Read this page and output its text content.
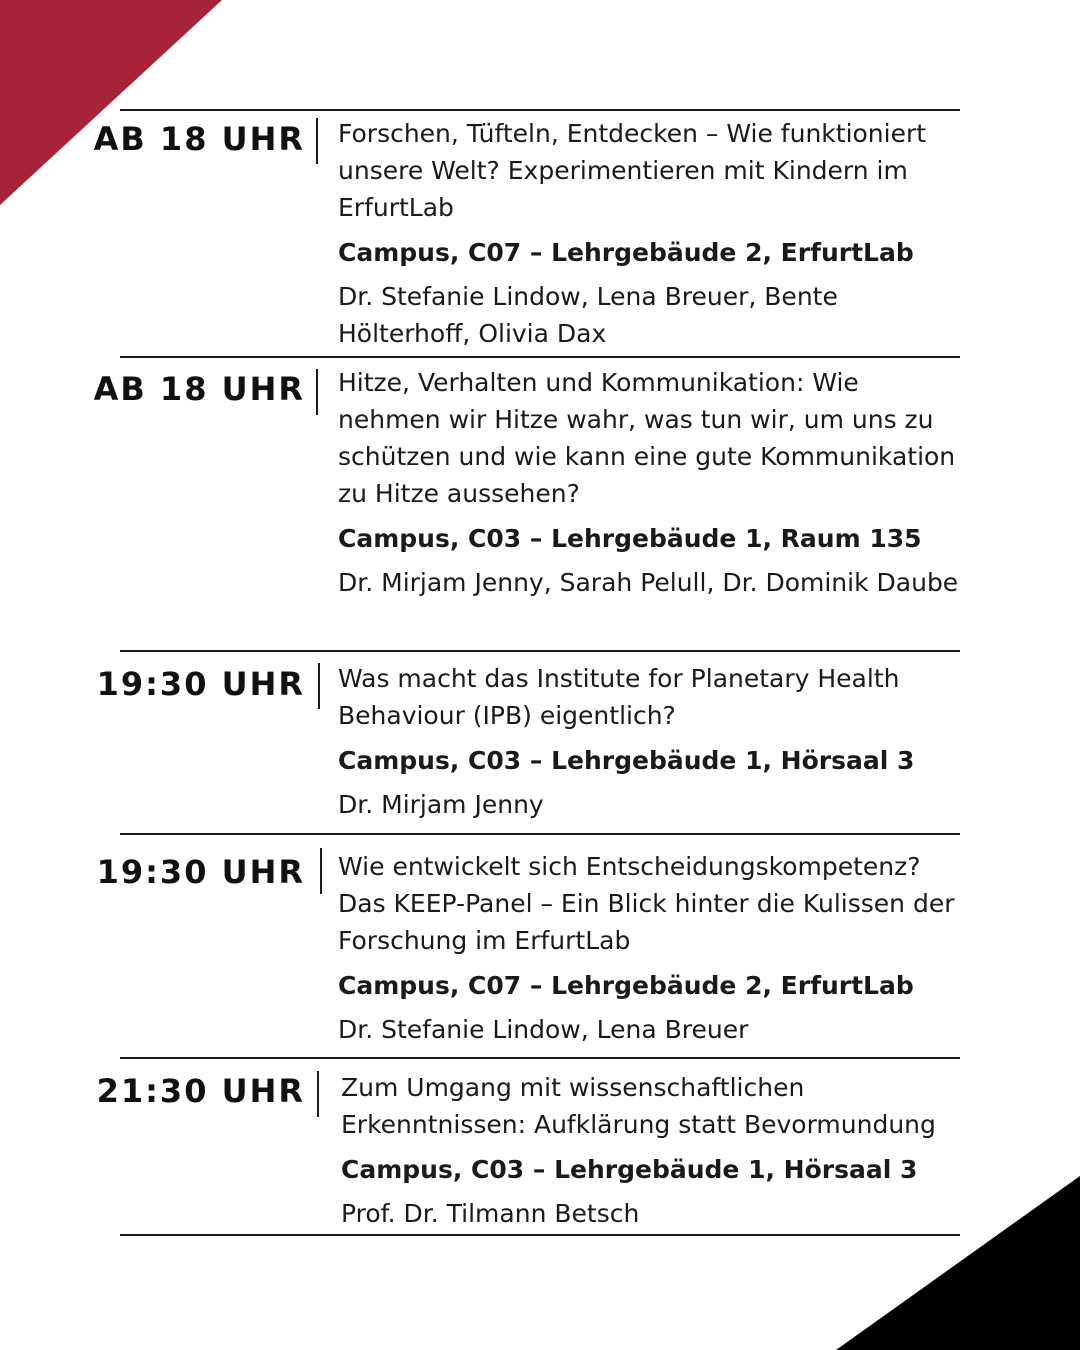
AB 18 UHR Forschen, Tüfteln, Entdecken – Wie funktioniert unsere Welt? Experimentieren mit Kindern im ErfurtLab

Campus, C07 – Lehrgebäude 2, ErfurtLab

Dr. Stefanie Lindow, Lena Breuer, Bente Hölterhoff, Olivia Dax

AB 18 UHR Hitze, Verhalten und Kommunikation: Wie nehmen wir Hitze wahr, was tun wir, um uns zu schützen und wie kann eine gute Kommunikation zu Hitze aussehen?

Campus, C03 – Lehrgebäude 1, Raum 135

Dr. Mirjam Jenny, Sarah Pelull, Dr. Dominik Daube

19:30 UHR Was macht das Institute for Planetary Health Behaviour (IPB) eigentlich?

Campus, C03 – Lehrgebäude 1, Hörsaal 3

Dr. Mirjam Jenny

19:30 UHR Wie entwickelt sich Entscheidungskompetenz? Das KEEP-Panel – Ein Blick hinter die Kulissen der Forschung im ErfurtLab

Campus, C07 – Lehrgebäude 2, ErfurtLab

Dr. Stefanie Lindow, Lena Breuer

21:30 UHR Zum Umgang mit wissenschaftlichen Erkenntnissen: Aufklärung statt Bevormundung

Campus, C03 – Lehrgebäude 1, Hörsaal 3

Prof. Dr. Tilmann Betsch
